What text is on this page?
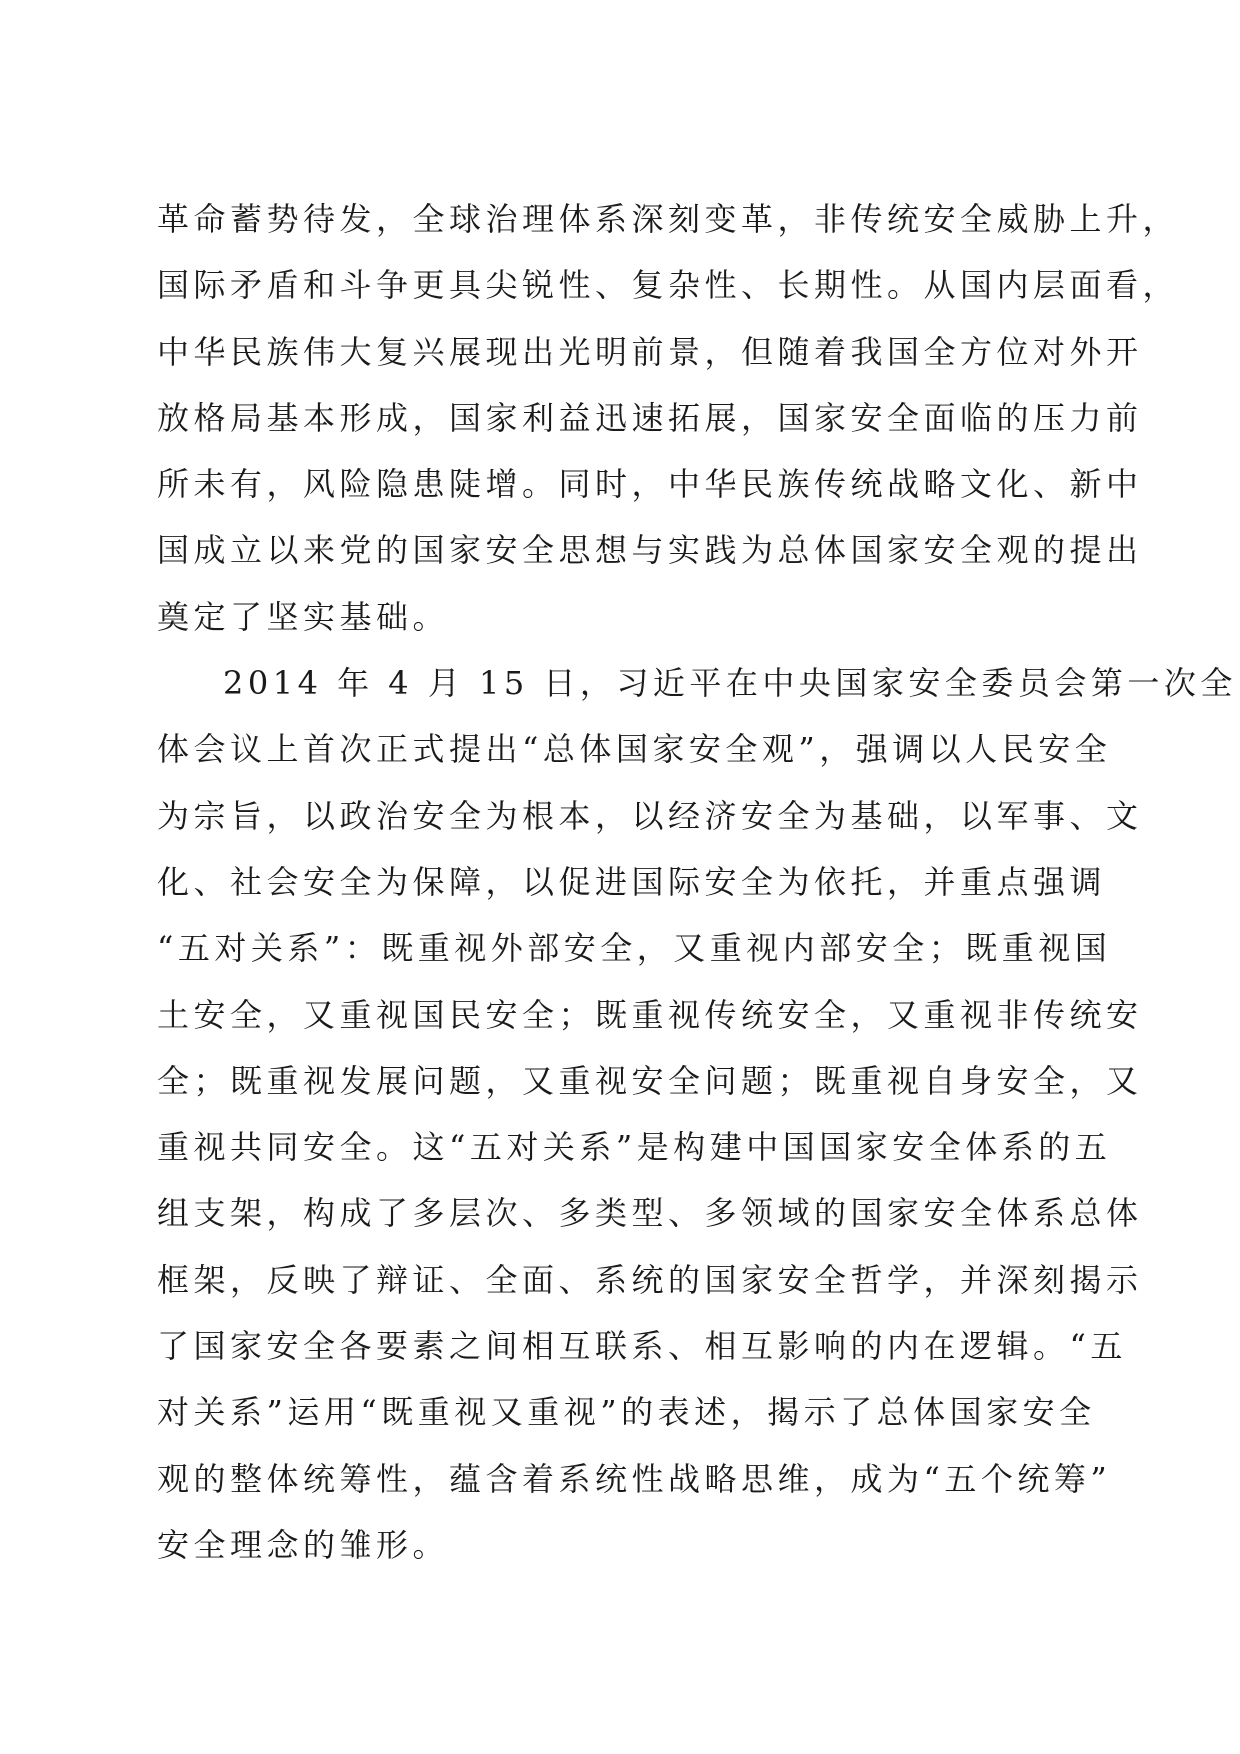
革命蓄势待发，全球治理体系深刻变革，非传统安全威胁上升，
国际矛盾和斗争更具尖锐性、复杂性、长期性。从国内层面看，
中华民族伟大复兴展现出光明前景，但随着我国全方位对外开
放格局基本形成，国家利益迅速拓展，国家安全面临的压力前
所未有，风险隐患陡增。同时，中华民族传统战略文化、新中
国成立以来党的国家安全思想与实践为总体国家安全观的提出
奠定了坚实基础。
2014 年 4 月 15 日，习近平在中央国家安全委员会第一次全
体会议上首次正式提出“总体国家安全观”，强调以人民安全
为宗旨，以政治安全为根本，以经济安全为基础，以军事、文
化、社会安全为保障，以促进国际安全为依托，并重点强调
“五对关系”：既重视外部安全，又重视内部安全；既重视国
土安全，又重视国民安全；既重视传统安全，又重视非传统安
全；既重视发展问题，又重视安全问题；既重视自身安全，又
重视共同安全。这“五对关系”是构建中国国家安全体系的五
组支架，构成了多层次、多类型、多领域的国家安全体系总体
框架，反映了辩证、全面、系统的国家安全哲学，并深刻揭示
了国家安全各要素之间相互联系、相互影响的内在逻辑。“五
对关系”运用“既重视又重视”的表述，揭示了总体国家安全
观的整体统筹性，蕴含着系统性战略思维，成为“五个统筹”
安全理念的雏形。
